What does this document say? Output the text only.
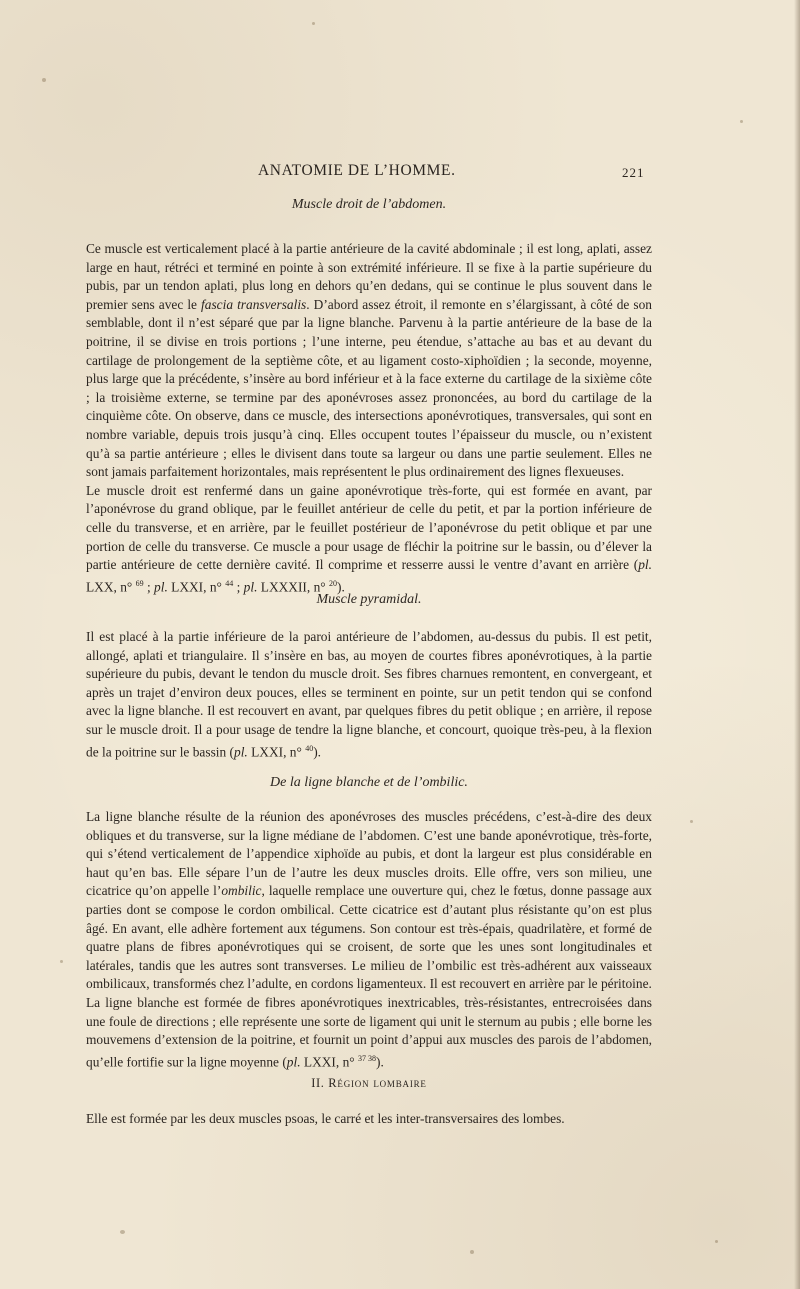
ANATOMIE DE L’HOMME.	221
Muscle droit de l’abdomen.

Ce muscle est verticalement placé à la partie antérieure de la cavité abdominale ; il est long, aplati, assez large en haut, rétréci et terminé en pointe à son extrémité inférieure. Il se fixe à la partie supérieure du pubis, par un tendon aplati, plus long en dehors qu’en dedans, qui se continue le plus souvent dans le premier sens avec le fascia transversalis. D’abord assez étroit, il remonte en s’élargissant, à côté de son semblable, dont il n’est séparé que par la ligne blanche. Parvenu à la partie antérieure de la base de la poitrine, il se divise en trois portions ; l’une interne, peu étendue, s’attache au bas et au devant du cartilage de prolongement de la septième côte, et au ligament costo-xiphoïdien ; la seconde, moyenne, plus large que la précédente, s’insère au bord inférieur et à la face externe du cartilage de la sixième côte ; la troisième externe, se termine par des aponévroses assez prononcées, au bord du cartilage de la cinquième côte. On observe, dans ce muscle, des intersections aponévrotiques, transversales, qui sont en nombre variable, depuis trois jusqu’à cinq. Elles occupent toutes l’épaisseur du muscle, ou n’existent qu’à sa partie antérieure ; elles le divisent dans toute sa largeur ou dans une partie seulement. Elles ne sont jamais parfaitement horizontales, mais représentent le plus ordinairement des lignes flexueuses.

Le muscle droit est renfermé dans un gaine aponévrotique très-forte, qui est formée en avant, par l’aponévrose du grand oblique, par le feuillet antérieur de celle du petit, et par la portion inférieure de celle du transverse, et en arrière, par le feuillet postérieur de l’aponévrose du petit oblique et par une portion de celle du transverse. Ce muscle a pour usage de fléchir la poitrine sur le bassin, ou d’élever la partie antérieure de cette dernière cavité. Il comprime et resserre aussi le ventre d’avant en arrière (pl. LXX, n° $^{69}$ ; pl. LXXI, n° $^{44}$ ; pl. LXXXII, n° $^{20}$).

Muscle pyramidal.

Il est placé à la partie inférieure de la paroi antérieure de l’abdomen, au-dessus du pubis. Il est petit, allongé, aplati et triangulaire. Il s’insère en bas, au moyen de courtes fibres aponévrotiques, à la partie supérieure du pubis, devant le tendon du muscle droit. Ses fibres charnues remontent, en convergeant, et après un trajet d’environ deux pouces, elles se terminent en pointe, sur un petit tendon qui se confond avec la ligne blanche. Il est recouvert en avant, par quelques fibres du petit oblique ; en arrière, il repose sur le muscle droit. Il a pour usage de tendre la ligne blanche, et concourt, quoique très-peu, à la flexion de la poitrine sur le bassin (pl. LXXI, n° $^{40}$).

De la ligne blanche et de l’ombilic.

La ligne blanche résulte de la réunion des aponévroses des muscles précédens, c’est-à-dire des deux obliques et du transverse, sur la ligne médiane de l’abdomen. C’est une bande aponévrotique, très-forte, qui s’étend verticalement de l’appendice xiphoïde au pubis, et dont la largeur est plus considérable en haut qu’en bas. Elle sépare l’un de l’autre les deux muscles droits. Elle offre, vers son milieu, une cicatrice qu’on appelle l’ombilic, laquelle remplace une ouverture qui, chez le fœtus, donne passage aux parties dont se compose le cordon ombilical. Cette cicatrice est d’autant plus résistante qu’on est plus âgé. En avant, elle adhère fortement aux tégumens. Son contour est très-épais, quadrilatère, et formé de quatre plans de fibres aponévrotiques qui se croisent, de sorte que les unes sont longitudinales et latérales, tandis que les autres sont transverses. Le milieu de l’ombilic est très-adhérent aux vaisseaux ombilicaux, transformés chez l’adulte, en cordons ligamenteux. Il est recouvert en arrière par le péritoine.

La ligne blanche est formée de fibres aponévrotiques inextricables, très-résistantes, entrecroisées dans une foule de directions ; elle représente une sorte de ligament qui unit le sternum au pubis ; elle borne les mouvemens d’extension de la poitrine, et fournit un point d’appui aux muscles des parois de l’abdomen, qu’elle fortifie sur la ligne moyenne (pl. LXXI, n° $^{37 38}$).

II. Région lombaire

Elle est formée par les deux muscles psoas, le carré et les inter-transversaires des lombes.
